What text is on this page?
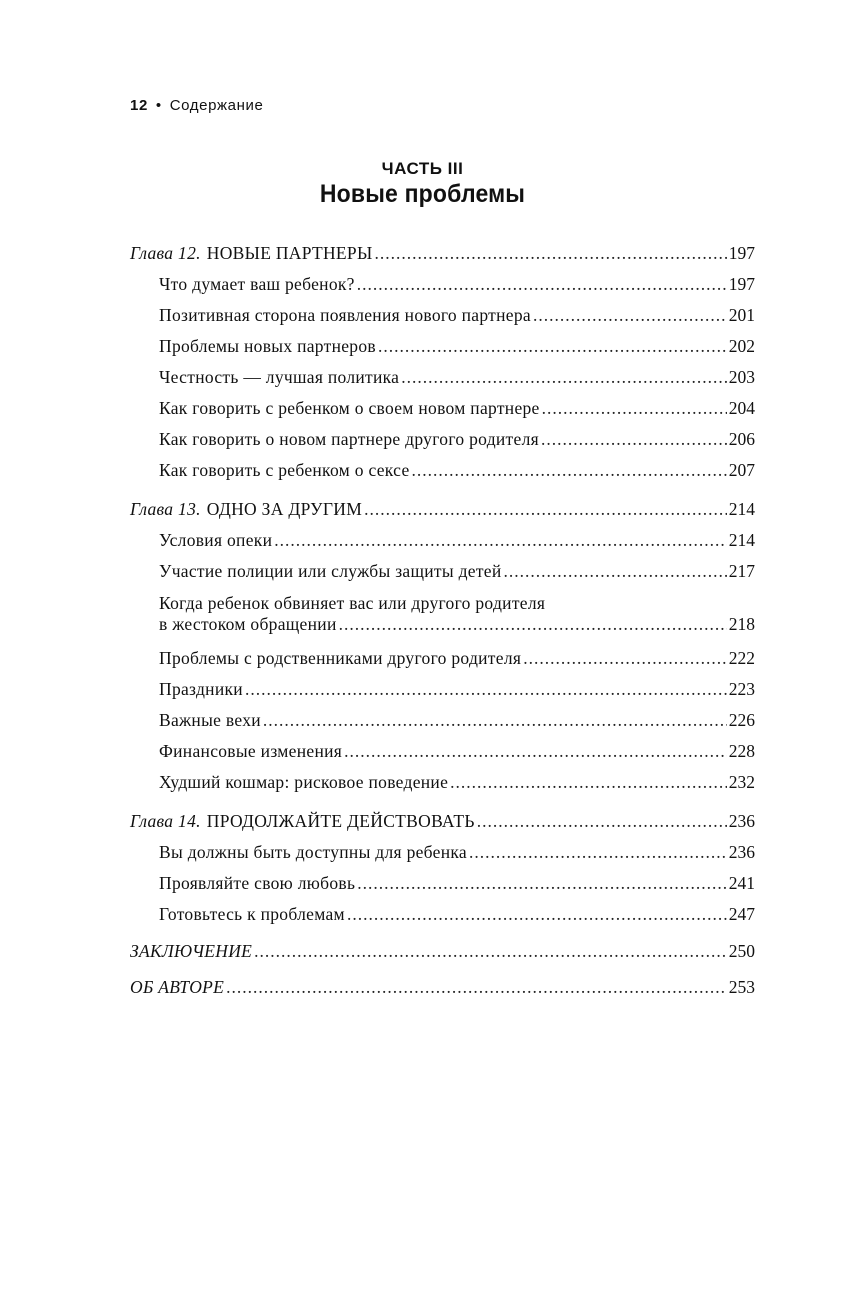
12 • Содержание
ЧАСТЬ III
Новые проблемы
Глава 12. НОВЫЕ ПАРТНЕРЫ .....	197
Что думает ваш ребенок? .....	197
Позитивная сторона появления нового партнера .....	201
Проблемы новых партнеров .....	202
Честность — лучшая политика .....	203
Как говорить с ребенком о своем новом партнере .....	204
Как говорить о новом партнере другого родителя .....	206
Как говорить с ребенком о сексе .....	207
Глава 13. ОДНО ЗА ДРУГИМ .....	214
Условия опеки .....	214
Участие полиции или службы защиты детей .....	217
Когда ребенок обвиняет вас или другого родителя
в жестоком обращении .....	218
Проблемы с родственниками другого родителя .....	222
Праздники .....	223
Важные вехи .....	226
Финансовые изменения .....	228
Худший кошмар: рисковое поведение .....	232
Глава 14. ПРОДОЛЖАЙТЕ ДЕЙСТВОВАТЬ .....	236
Вы должны быть доступны для ребенка .....	236
Проявляйте свою любовь .....	241
Готовьтесь к проблемам .....	247
ЗАКЛЮЧЕНИЕ .....	250
ОБ АВТОРЕ .....	253
